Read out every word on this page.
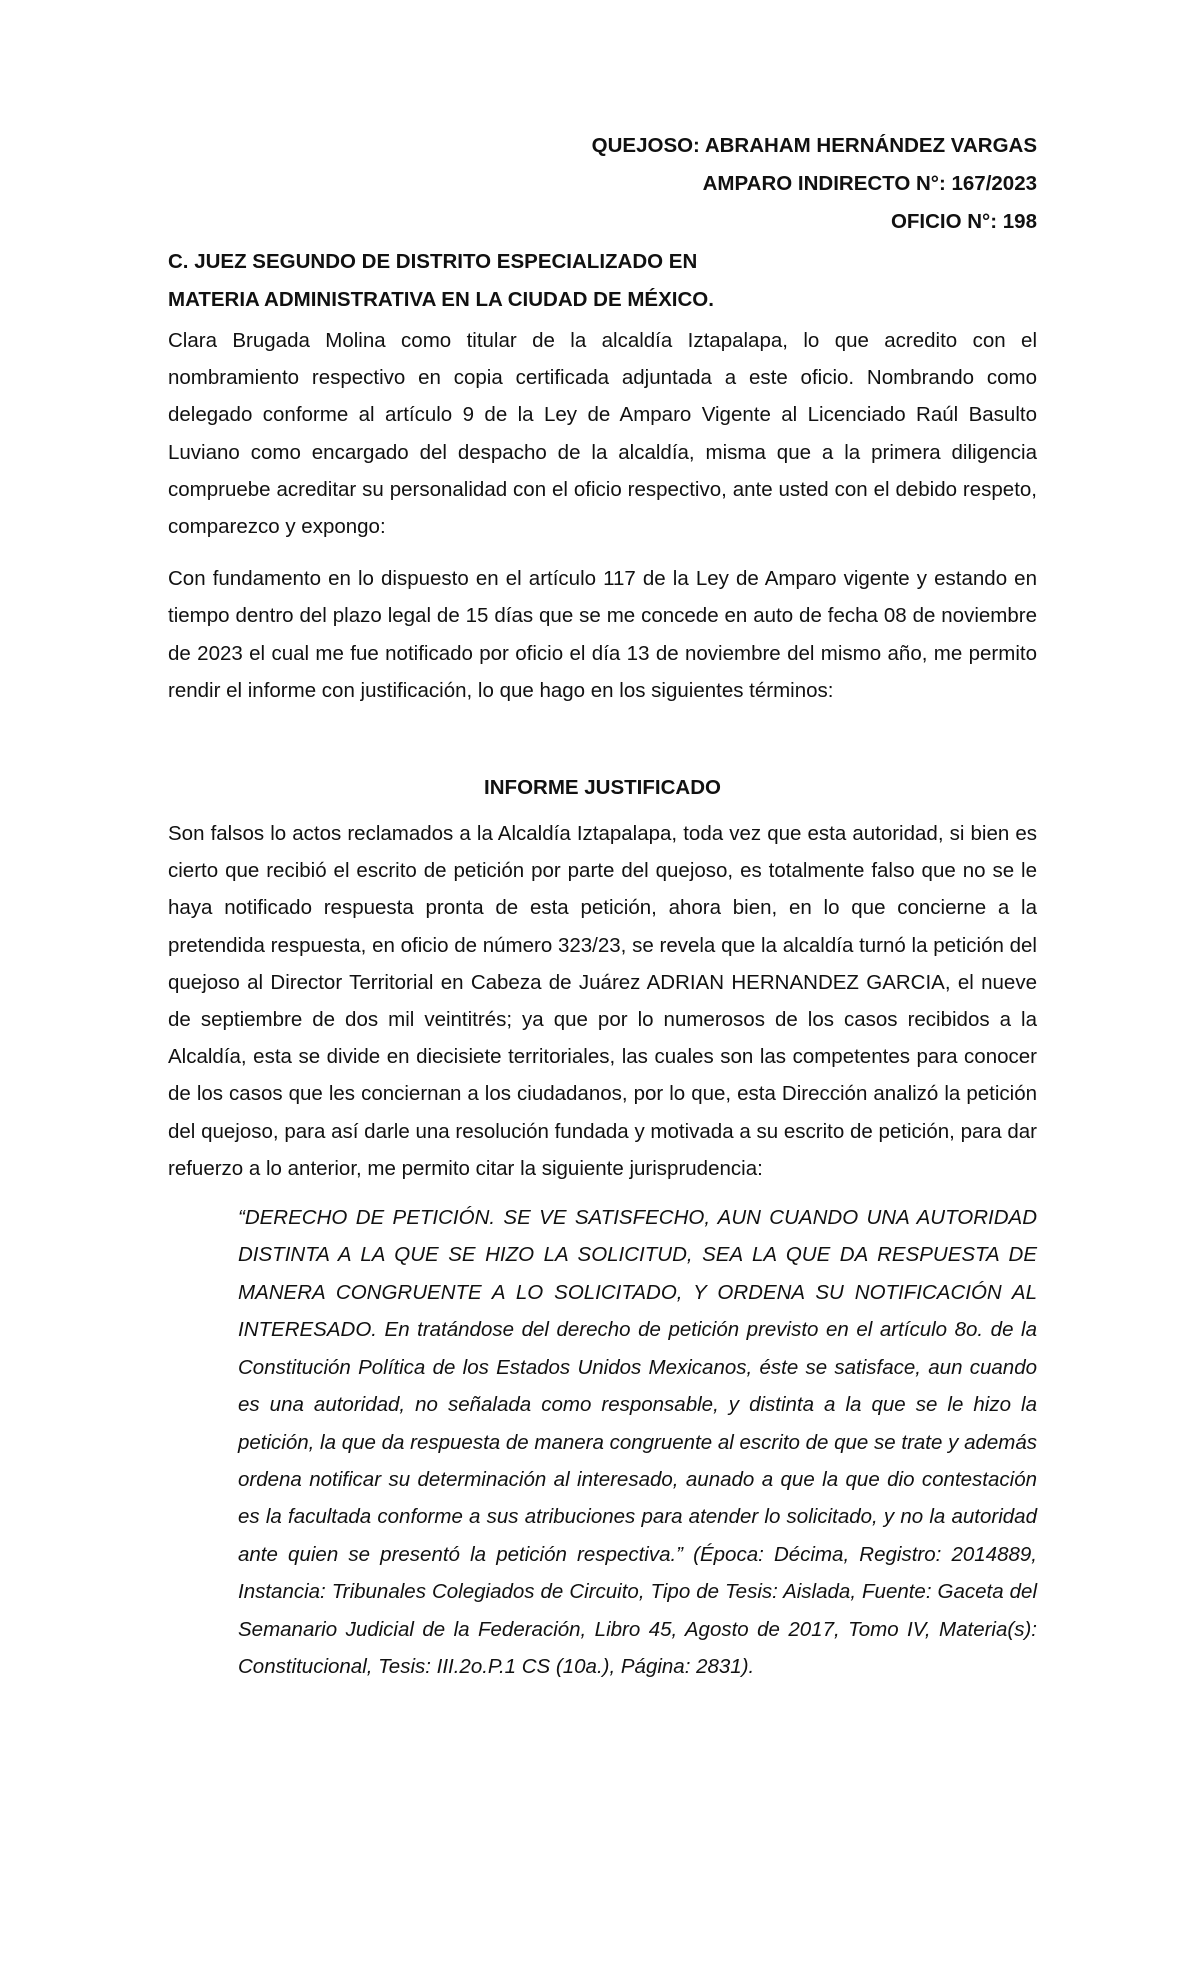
QUEJOSO: ABRAHAM HERNÁNDEZ VARGAS
AMPARO INDIRECTO N°: 167/2023
OFICIO N°: 198
C. JUEZ SEGUNDO DE DISTRITO ESPECIALIZADO EN
MATERIA ADMINISTRATIVA EN LA CIUDAD DE MÉXICO.

Clara Brugada Molina como titular de la alcaldía Iztapalapa, lo que acredito con el nombramiento respectivo en copia certificada adjuntada a este oficio. Nombrando como delegado conforme al artículo 9 de la Ley de Amparo Vigente al Licenciado Raúl Basulto Luviano como encargado del despacho de la alcaldía, misma que a la primera diligencia compruebe acreditar su personalidad con el oficio respectivo, ante usted con el debido respeto, comparezco y expongo:

Con fundamento en lo dispuesto en el artículo 117 de la Ley de Amparo vigente y estando en tiempo dentro del plazo legal de 15 días que se me concede en auto de fecha 08 de noviembre de 2023 el cual me fue notificado por oficio el día 13 de noviembre del mismo año, me permito rendir el informe con justificación, lo que hago en los siguientes términos:

INFORME JUSTIFICADO

Son falsos lo actos reclamados a la Alcaldía Iztapalapa, toda vez que esta autoridad, si bien es cierto que recibió el escrito de petición por parte del quejoso, es totalmente falso que no se le haya notificado respuesta pronta de esta petición, ahora bien, en lo que concierne a la pretendida respuesta, en oficio de número 323/23, se revela que la alcaldía turnó la petición del quejoso al Director Territorial en Cabeza de Juárez ADRIAN HERNANDEZ GARCIA, el nueve de septiembre de dos mil veintitrés; ya que por lo numerosos de los casos recibidos a la Alcaldía, esta se divide en diecisiete territoriales, las cuales son las competentes para conocer de los casos que les conciernan a los ciudadanos, por lo que, esta Dirección analizó la petición del quejoso, para así darle una resolución fundada y motivada a su escrito de petición, para dar refuerzo a lo anterior, me permito citar la siguiente jurisprudencia:

“DERECHO DE PETICIÓN. SE VE SATISFECHO, AUN CUANDO UNA AUTORIDAD DISTINTA A LA QUE SE HIZO LA SOLICITUD, SEA LA QUE DA RESPUESTA DE MANERA CONGRUENTE A LO SOLICITADO, Y ORDENA SU NOTIFICACIÓN AL INTERESADO. En tratándose del derecho de petición previsto en el artículo 8o. de la Constitución Política de los Estados Unidos Mexicanos, éste se satisface, aun cuando es una autoridad, no señalada como responsable, y distinta a la que se le hizo la petición, la que da respuesta de manera congruente al escrito de que se trate y además ordena notificar su determinación al interesado, aunado a que la que dio contestación es la facultada conforme a sus atribuciones para atender lo solicitado, y no la autoridad ante quien se presentó la petición respectiva.” (Época: Décima, Registro: 2014889, Instancia: Tribunales Colegiados de Circuito, Tipo de Tesis: Aislada, Fuente: Gaceta del Semanario Judicial de la Federación, Libro 45, Agosto de 2017, Tomo IV, Materia(s): Constitucional, Tesis: III.2o.P.1 CS (10a.), Página: 2831).
